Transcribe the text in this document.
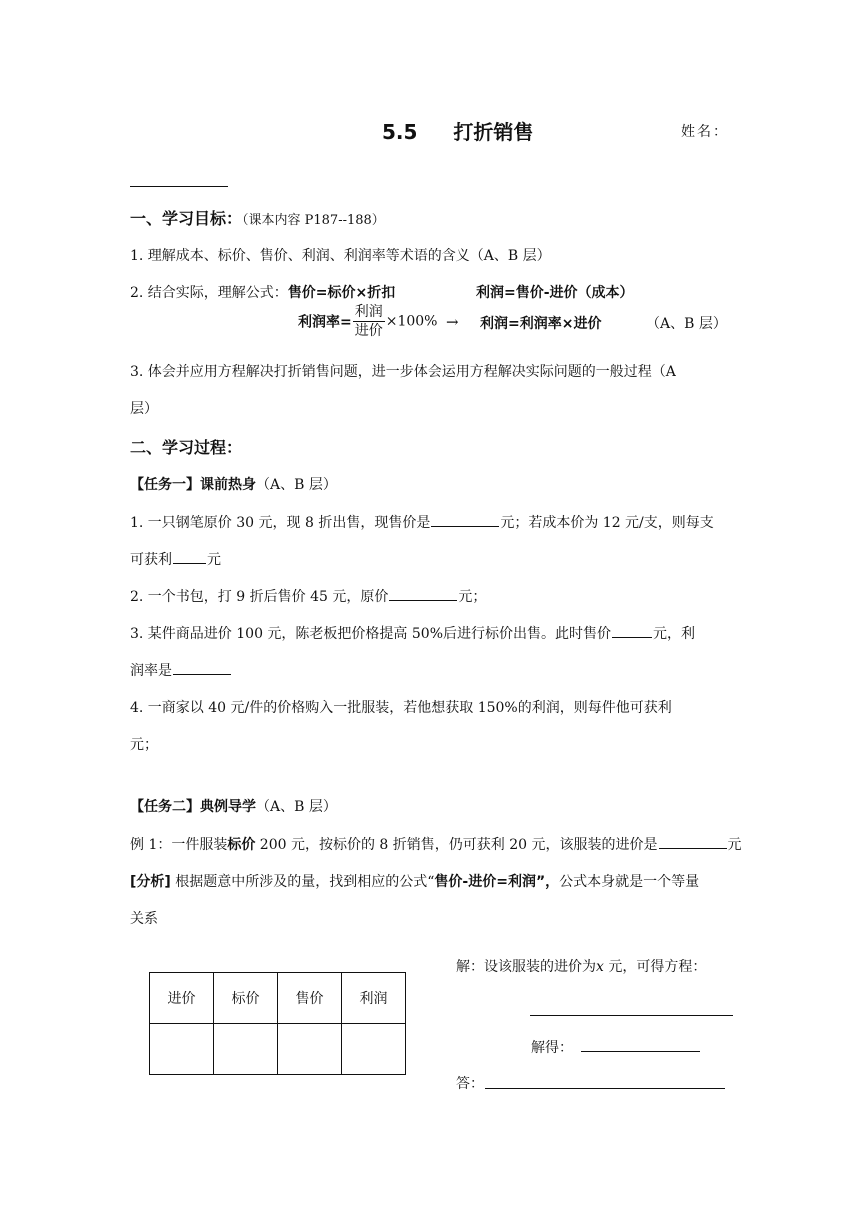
5.5 打折销售	姓名：
一、学习目标：（课本内容 P187--188）
1. 理解成本、标价、售价、利润、利润率等术语的含义（A、B 层）
2. 结合实际，理解公式：售价=标价×折扣	利润=售价-进价（成本）
利润率= $\frac{\text{利润}}{\text{进价}} \times 100\%$ → 利润=利润率×进价	（A、B 层）
3. 体会并应用方程解决打折销售问题，进一步体会运用方程解决实际问题的一般过程（A
层）
二、学习过程：
【任务一】课前热身（A、B 层）
1. 一只钢笔原价 30 元，现 8 折出售，现售价是	元；若成本价为 12 元/支，则每支
可获利	元
2. 一个书包，打 9 折后售价 45 元，原价	元；
3. 某件商品进价 100 元，陈老板把价格提高 50%后进行标价出售。此时售价	元，利
润率是
4. 一商家以 40 元/件的价格购入一批服装，若他想获取 150%的利润，则每件他可获利
元；
【任务二】典例导学（A、B 层）
例 1：一件服装标价 200 元，按标价的 8 折销售，仍可获利 20 元，该服装的进价是	元
[分析] 根据题意中所涉及的量，找到相应的公式“售价-进价=利润”，公式本身就是一个等量
关系
进价	标价	售价	利润

解：设该服装的进价为x 元，可得方程：
解得：
答：
